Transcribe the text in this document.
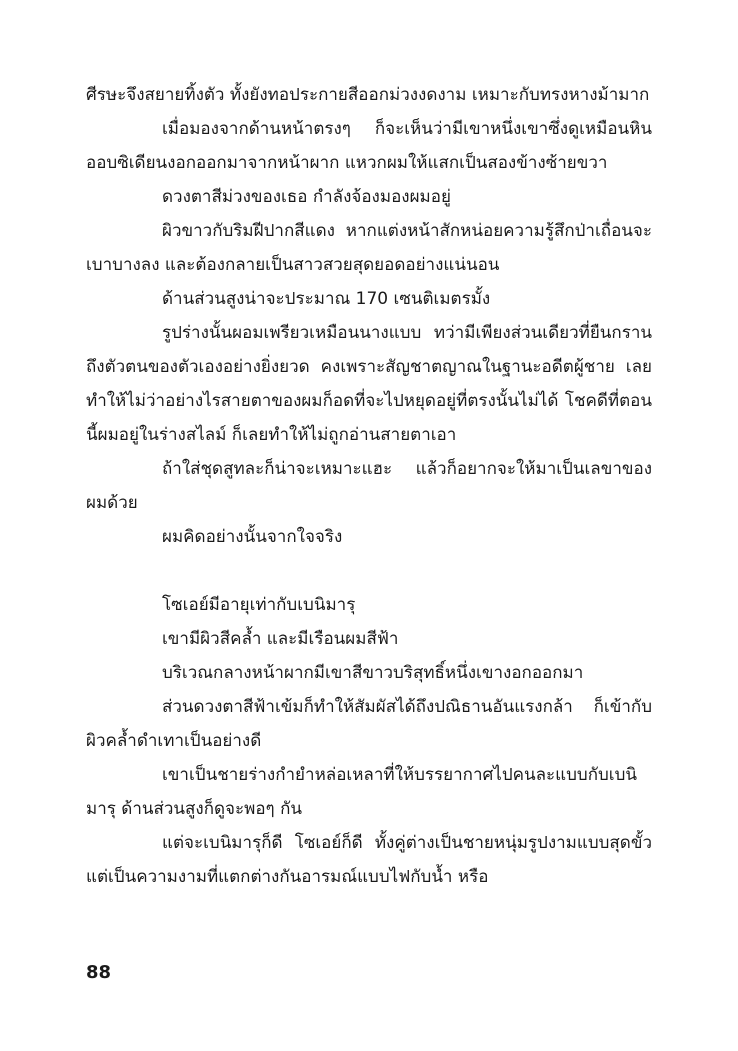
ศีรษะจึงสยายทิ้งตัว ทั้งยังทอประกายสีออกม่วงงดงาม เหมาะกับทรงหางม้ามาก

เมื่อมองจากด้านหน้าตรงๆ ก็จะเห็นว่ามีเขาหนึ่งเขาซึ่งดูเหมือนหินออบซิเดียนงอกออกมาจากหน้าผาก แหวกผมให้แสกเป็นสองข้างซ้ายขวา

ดวงตาสีม่วงของเธอ กำลังจ้องมองผมอยู่

ผิวขาวกับริมฝีปากสีแดง หากแต่งหน้าสักหน่อยความรู้สึกป่าเถื่อนจะเบาบางลง และต้องกลายเป็นสาวสวยสุดยอดอย่างแน่นอน

ด้านส่วนสูงน่าจะประมาณ 170 เซนติเมตรมั้ง

รูปร่างนั้นผอมเพรียวเหมือนนางแบบ ทว่ามีเพียงส่วนเดียวที่ยืนกรานถึงตัวตนของตัวเองอย่างยิ่งยวด คงเพราะสัญชาตญาณในฐานะอดีตผู้ชาย เลยทำให้ไม่ว่าอย่างไรสายตาของผมก็อดที่จะไปหยุดอยู่ที่ตรงนั้นไม่ได้ โชคดีที่ตอนนี้ผมอยู่ในร่างสไลม์ ก็เลยทำให้ไม่ถูกอ่านสายตาเอา

ถ้าใส่ชุดสูทละก็น่าจะเหมาะแฮะ แล้วก็อยากจะให้มาเป็นเลขาของผมด้วย

ผมคิดอย่างนั้นจากใจจริง

โซเอย์มีอายุเท่ากับเบนิมารุ

เขามีผิวสีคล้ำ และมีเรือนผมสีฟ้า

บริเวณกลางหน้าผากมีเขาสีขาวบริสุทธิ์หนึ่งเขางอกออกมา

ส่วนดวงตาสีฟ้าเข้มก็ทำให้สัมผัสได้ถึงปณิธานอันแรงกล้า ก็เข้ากับผิวคล้ำดำเทาเป็นอย่างดี

เขาเป็นชายร่างกำยำหล่อเหลาที่ให้บรรยากาศไปคนละแบบกับเบนิมารุ ด้านส่วนสูงก็ดูจะพอๆ กัน

แต่จะเบนิมารุก็ดี โซเอย์ก็ดี ทั้งคู่ต่างเป็นชายหนุ่มรูปงามแบบสุดขั้ว แต่เป็นความงามที่แตกต่างกันอารมณ์แบบไฟกับน้ำ หรือ

88
